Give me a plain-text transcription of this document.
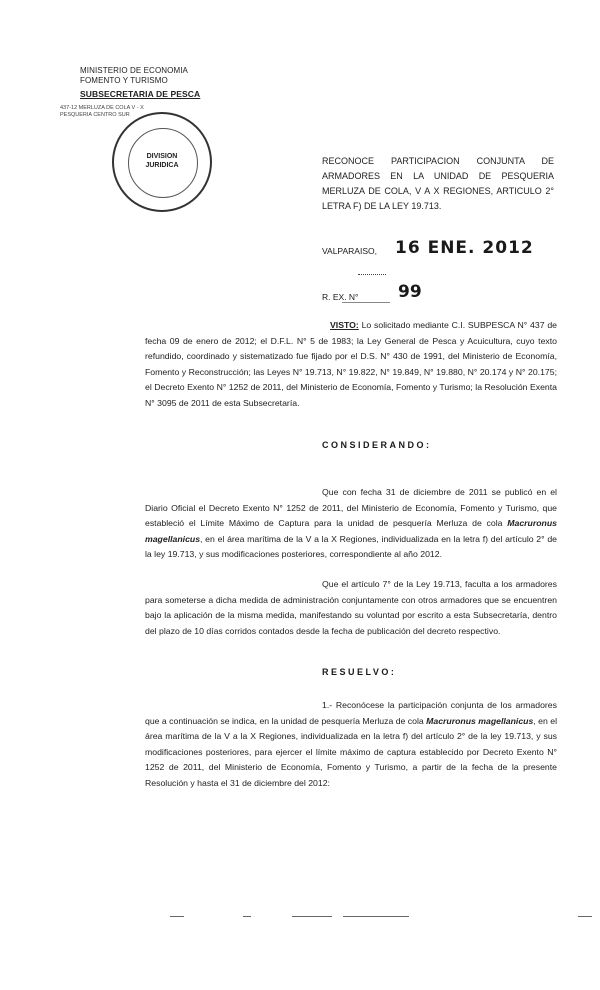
MINISTERIO DE ECONOMIA
FOMENTO Y TURISMO
SUBSECRETARIA DE PESCA
437-12 MERLUZA DE COLA V - X
PESQUERIA CENTRO SUR
DIVISION
JURIDICA	RECONOCE PARTICIPACION CONJUNTA DE ARMADORES EN LA UNIDAD DE PESQUERIA MERLUZA DE COLA, V A X REGIONES, ARTICULO 2° LETRA F) DE LA LEY 19.713.
VALPARAISO, 16 ENE. 2012
R. EX. N° 99
VISTO: Lo solicitado mediante C.I. SUBPESCA N° 437 de fecha 09 de enero de 2012; el D.F.L. N° 5 de 1983; la Ley General de Pesca y Acuicultura, cuyo texto refundido, coordinado y sistematizado fue fijado por el D.S. N° 430 de 1991, del Ministerio de Economía, Fomento y Reconstrucción; las Leyes N° 19.713, N° 19.822, N° 19.849, N° 19.880, N° 20.174 y N° 20.175; el Decreto Exento N° 1252 de 2011, del Ministerio de Economía, Fomento y Turismo; la Resolución Exenta N° 3095 de 2011 de esta Subsecretaría.
CONSIDERANDO:
Que con fecha 31 de diciembre de 2011 se publicó en el Diario Oficial el Decreto Exento N° 1252 de 2011, del Ministerio de Economía, Fomento y Turismo, que estableció el Límite Máximo de Captura para la unidad de pesquería Merluza de cola Macruronus magellanicus, en el área marítima de la V a la X Regiones, individualizada en la letra f) del artículo 2° de la ley 19.713, y sus modificaciones posteriores, correspondiente al año 2012.
Que el artículo 7° de la Ley 19.713, faculta a los armadores para someterse a dicha medida de administración conjuntamente con otros armadores que se encuentren bajo la aplicación de la misma medida, manifestando su voluntad por escrito a esta Subsecretaría, dentro del plazo de 10 días corridos contados desde la fecha de publicación del decreto respectivo.
RESUELVO:
1.- Reconócese la participación conjunta de los armadores que a continuación se indica, en la unidad de pesquería Merluza de cola Macruronus magellanicus, en el área marítima de la V a la X Regiones, individualizada en la letra f) del artículo 2° de la ley 19.713, y sus modificaciones posteriores, para ejercer el límite máximo de captura establecido por Decreto Exento N° 1252 de 2011, del Ministerio de Economía, Fomento y Turismo, a partir de la fecha de la presente Resolución y hasta el 31 de diciembre del 2012:
